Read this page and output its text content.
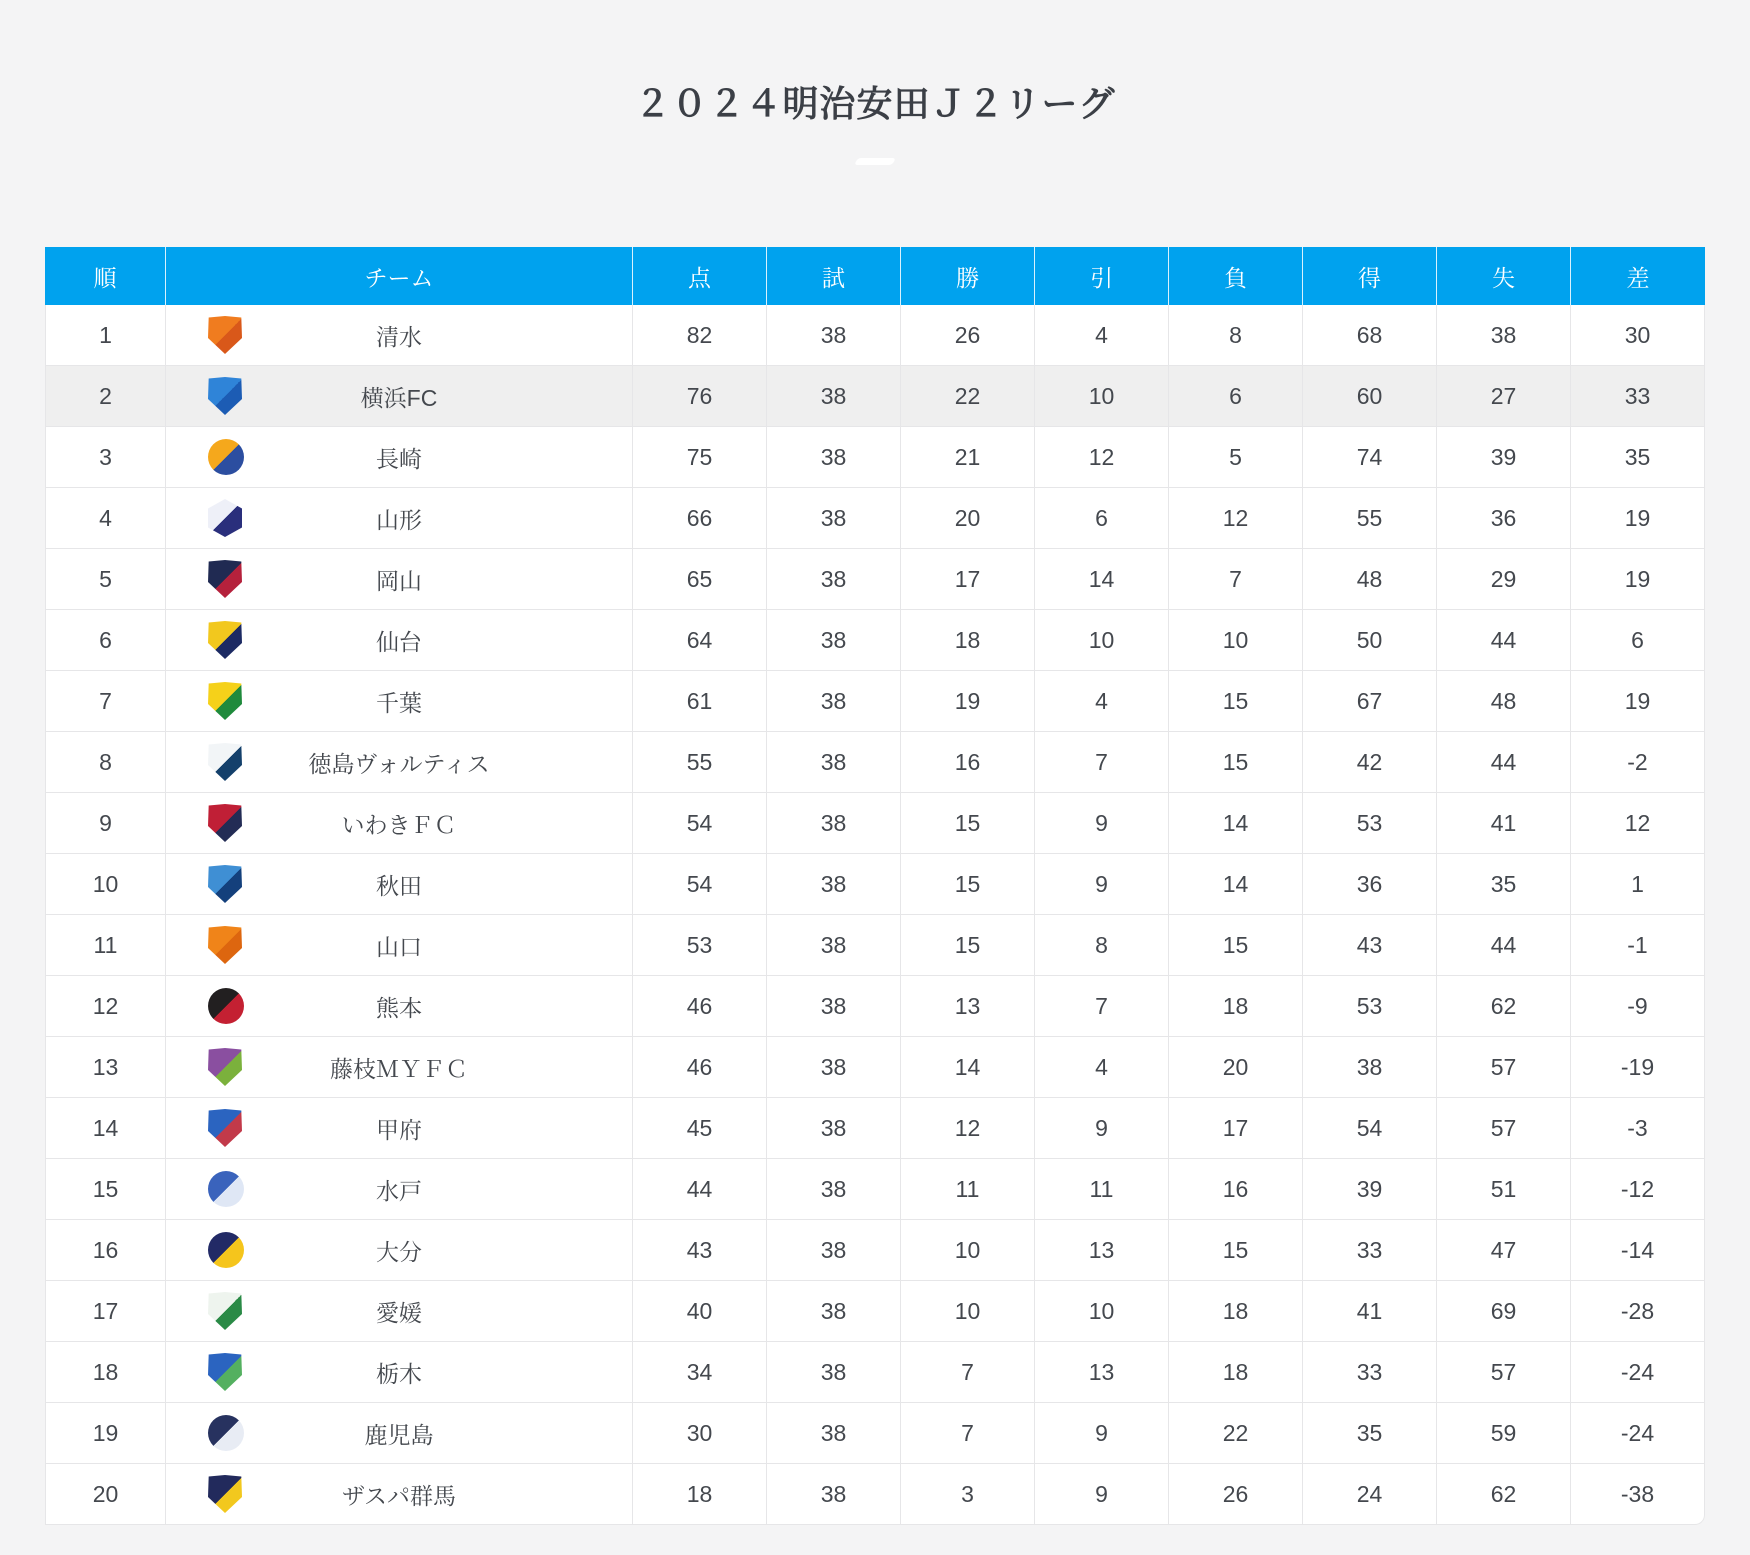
２０２４明治安田Ｊ２リーグ
順	チーム	点	試	勝	引	負	得	失	差
1	清水	82	38	26	4	8	68	38	30
2	横浜FC	76	38	22	10	6	60	27	33
3	長崎	75	38	21	12	5	74	39	35
4	山形	66	38	20	6	12	55	36	19
5	岡山	65	38	17	14	7	48	29	19
6	仙台	64	38	18	10	10	50	44	6
7	千葉	61	38	19	4	15	67	48	19
8	徳島ヴォルティス	55	38	16	7	15	42	44	-2
9	いわきＦＣ	54	38	15	9	14	53	41	12
10	秋田	54	38	15	9	14	36	35	1
11	山口	53	38	15	8	15	43	44	-1
12	熊本	46	38	13	7	18	53	62	-9
13	藤枝ＭＹＦＣ	46	38	14	4	20	38	57	-19
14	甲府	45	38	12	9	17	54	57	-3
15	水戸	44	38	11	11	16	39	51	-12
16	大分	43	38	10	13	15	33	47	-14
17	愛媛	40	38	10	10	18	41	69	-28
18	栃木	34	38	7	13	18	33	57	-24
19	鹿児島	30	38	7	9	22	35	59	-24
20	ザスパ群馬	18	38	3	9	26	24	62	-38
